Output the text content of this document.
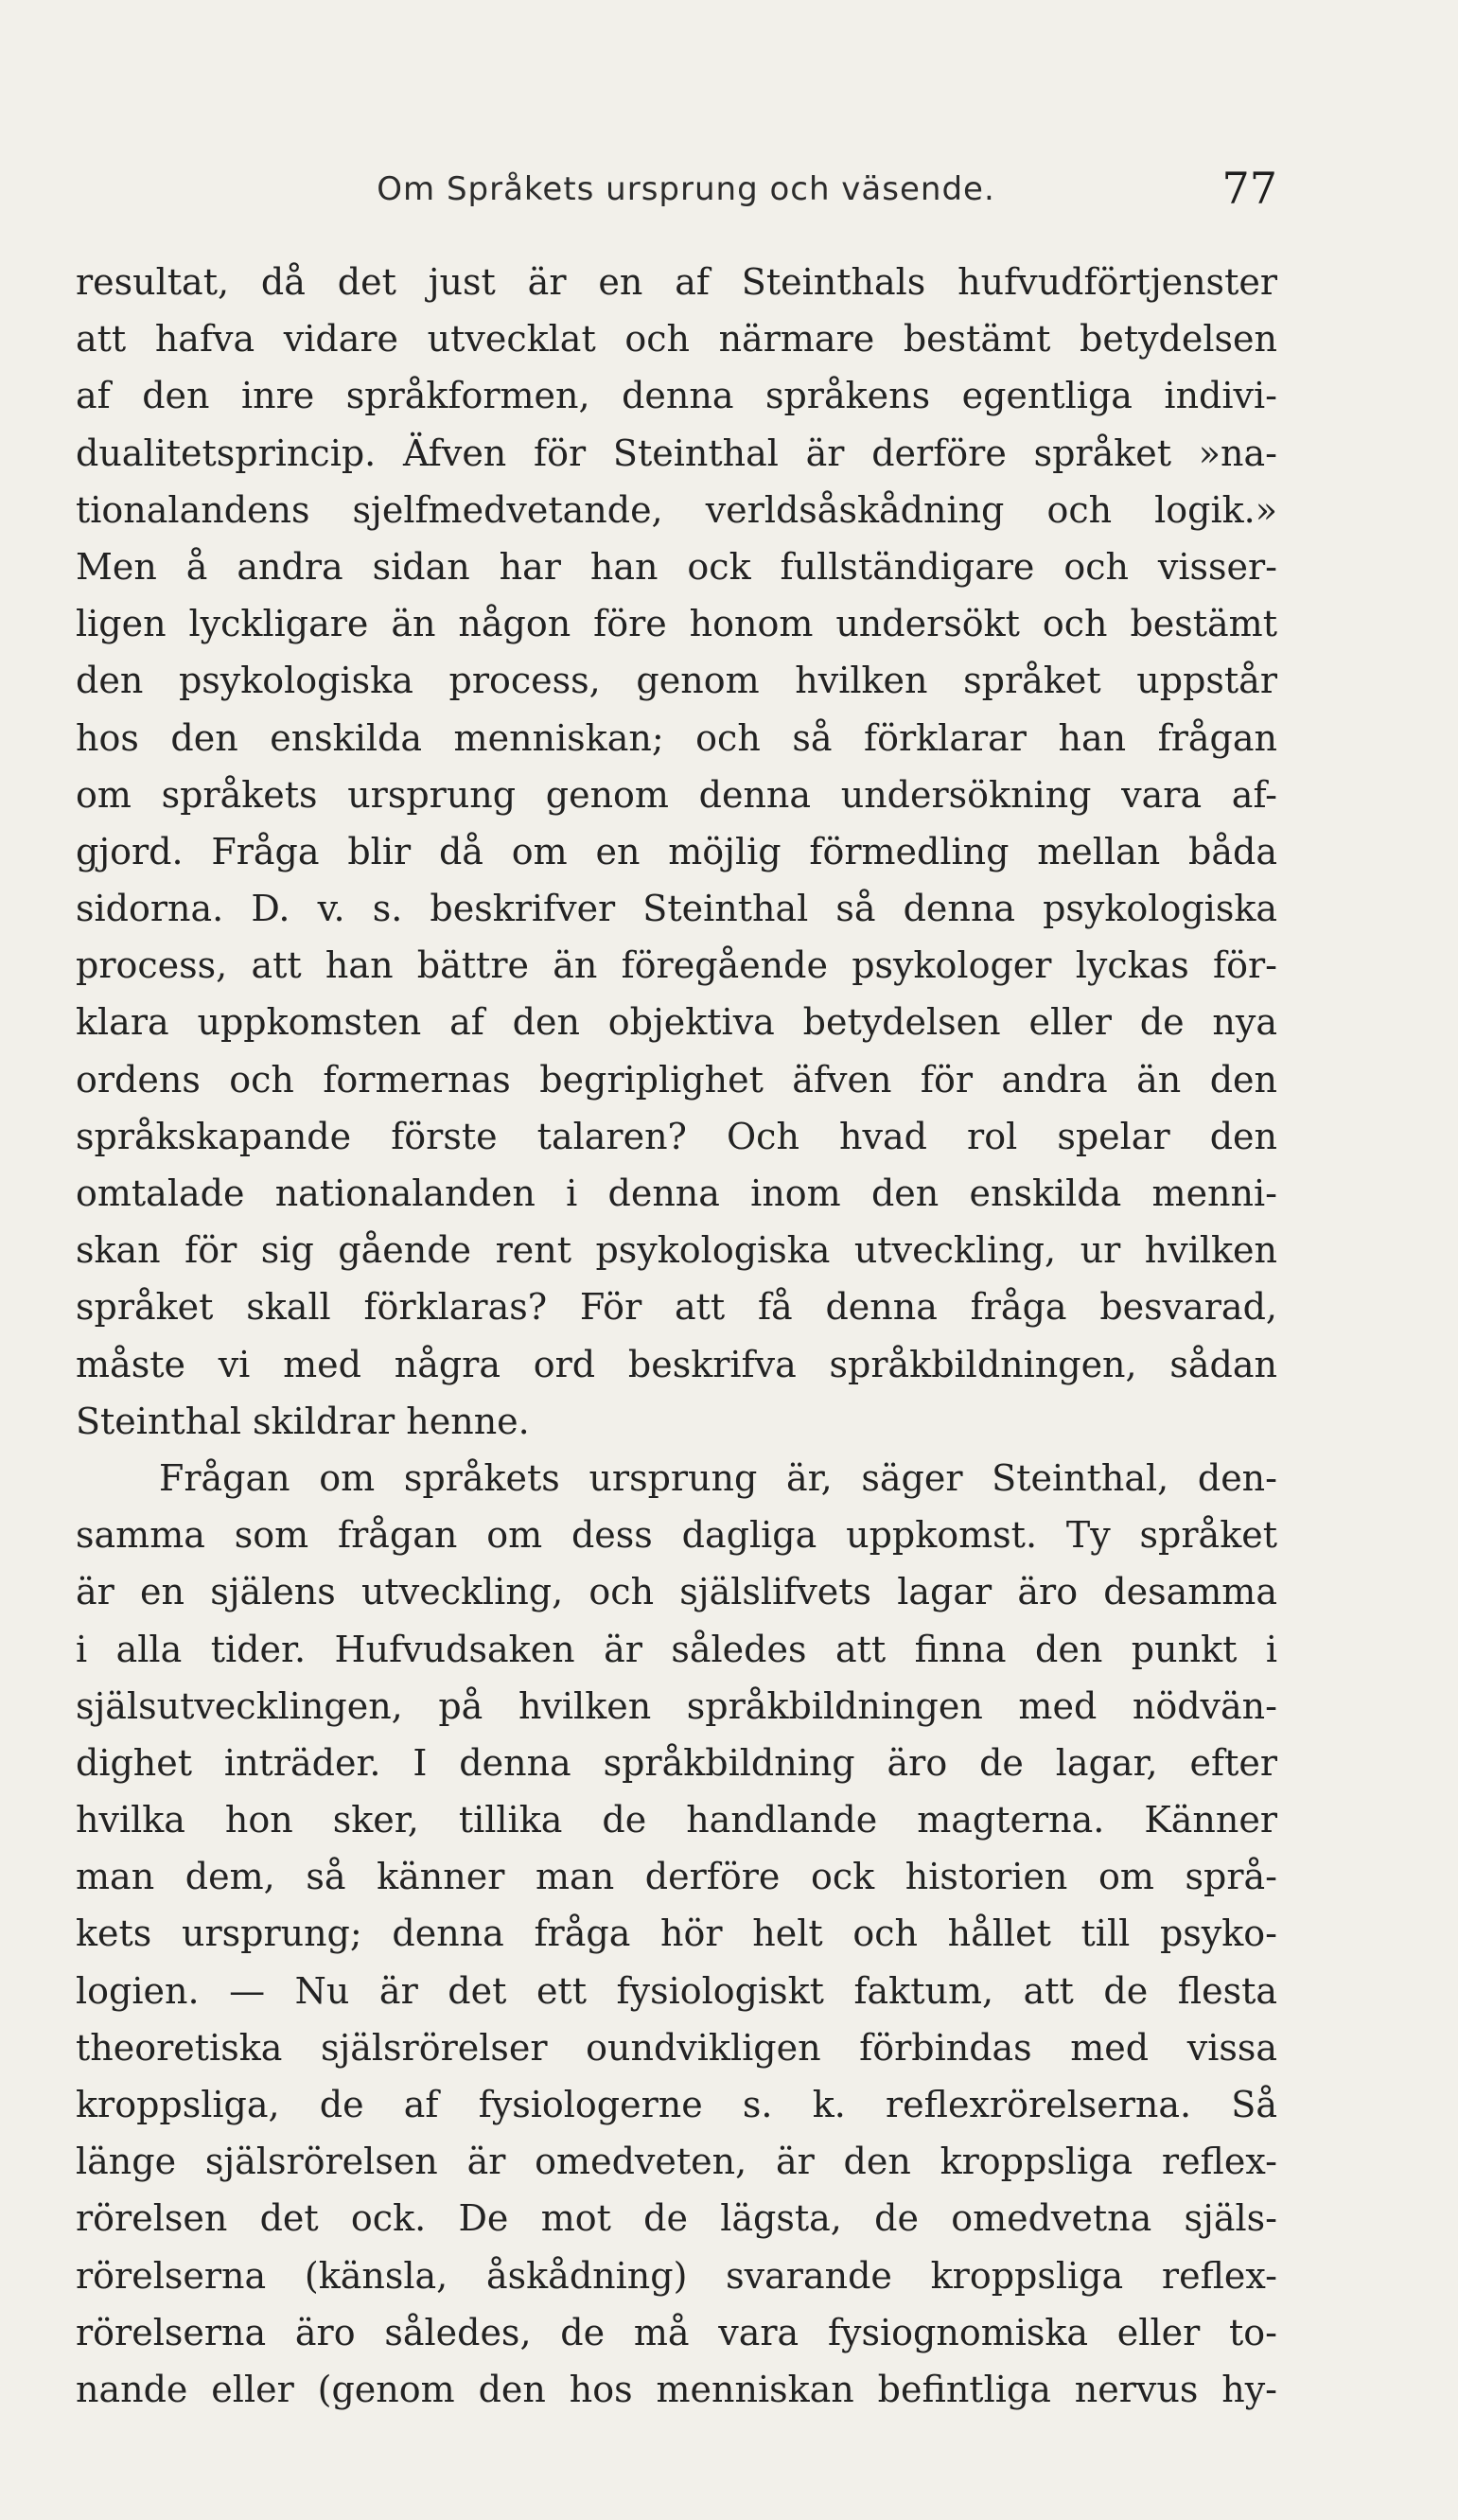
Om Språkets ursprung och väsende.	77
resultat, då det just är en af Steinthals hufvudförtjenster
att hafva vidare utvecklat och närmare bestämt betydelsen
af den inre språkformen, denna språkens egentliga indivi-
dualitetsprincip. Äfven för Steinthal är derföre språket »na-
tionalandens sjelfmedvetande, verldsåskådning och logik.»
Men å andra sidan har han ock fullständigare och visser-
ligen lyckligare än någon före honom undersökt och bestämt
den psykologiska process, genom hvilken språket uppstår
hos den enskilda menniskan; och så förklarar han frågan
om språkets ursprung genom denna undersökning vara af-
gjord. Fråga blir då om en möjlig förmedling mellan båda
sidorna. D. v. s. beskrifver Steinthal så denna psykologiska
process, att han bättre än föregående psykologer lyckas för-
klara uppkomsten af den objektiva betydelsen eller de nya
ordens och formernas begriplighet äfven för andra än den
språkskapande förste talaren? Och hvad rol spelar den
omtalade nationalanden i denna inom den enskilda menni-
skan för sig gående rent psykologiska utveckling, ur hvilken
språket skall förklaras? För att få denna fråga besvarad,
måste vi med några ord beskrifva språkbildningen, sådan
Steinthal skildrar henne.
Frågan om språkets ursprung är, säger Steinthal, den-
samma som frågan om dess dagliga uppkomst. Ty språket
är en själens utveckling, och själslifvets lagar äro desamma
i alla tider. Hufvudsaken är således att finna den punkt i
själsutvecklingen, på hvilken språkbildningen med nödvän-
dighet inträder. I denna språkbildning äro de lagar, efter
hvilka hon sker, tillika de handlande magterna. Känner
man dem, så känner man derföre ock historien om språ-
kets ursprung; denna fråga hör helt och hållet till psyko-
logien. — Nu är det ett fysiologiskt faktum, att de flesta
theoretiska själsrörelser oundvikligen förbindas med vissa
kroppsliga, de af fysiologerne s. k. reflexrörelserna. Så
länge själsrörelsen är omedveten, är den kroppsliga reflex-
rörelsen det ock. De mot de lägsta, de omedvetna själs-
rörelserna (känsla, åskådning) svarande kroppsliga reflex-
rörelserna äro således, de må vara fysiognomiska eller to-
nande eller (genom den hos menniskan befintliga nervus hy-
